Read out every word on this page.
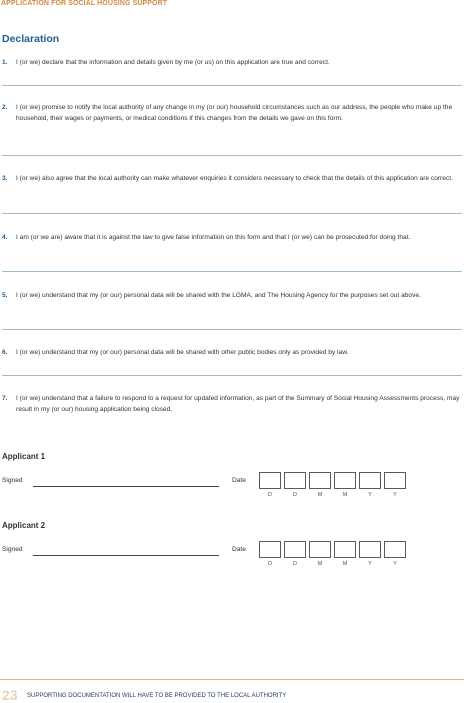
APPLICATION FOR SOCIAL HOUSING SUPPORT
Declaration
1. I (or we) declare that the information and details given by me (or us) on this application are true and correct.
2. I (or we) promise to notify the local authority of any change in my (or our) household circumstances such as our address, the people who make up the household, their wages or payments, or medical conditions if this changes from the details we gave on this form.
3. I (or we) also agree that the local authority can make whatever enquiries it considers necessary to check that the details of this application are correct.
4. I am (or we are) aware that it is against the law to give false information on this form and that I (or we) can be prosecuted for doing that.
5. I (or we) understand that my (or our) personal data will be shared with the LGMA, and The Housing Agency for the purposes set out above.
6. I (or we) understand that my (or our) personal data will be shared with other public bodies only as provided by law.
7. I (or we) understand that a failure to respond to a request for updated information, as part of the Summary of Social Housing Assessments process, may result in my (or our) housing application being closed.
Applicant 1
Signed	Date
D	D	M	M	Y	Y
Applicant 2
Signed	Date
D	D	M	M	Y	Y
23 SUPPORTING DOCUMENTATION WILL HAVE TO BE PROVIDED TO THE LOCAL AUTHORITY
